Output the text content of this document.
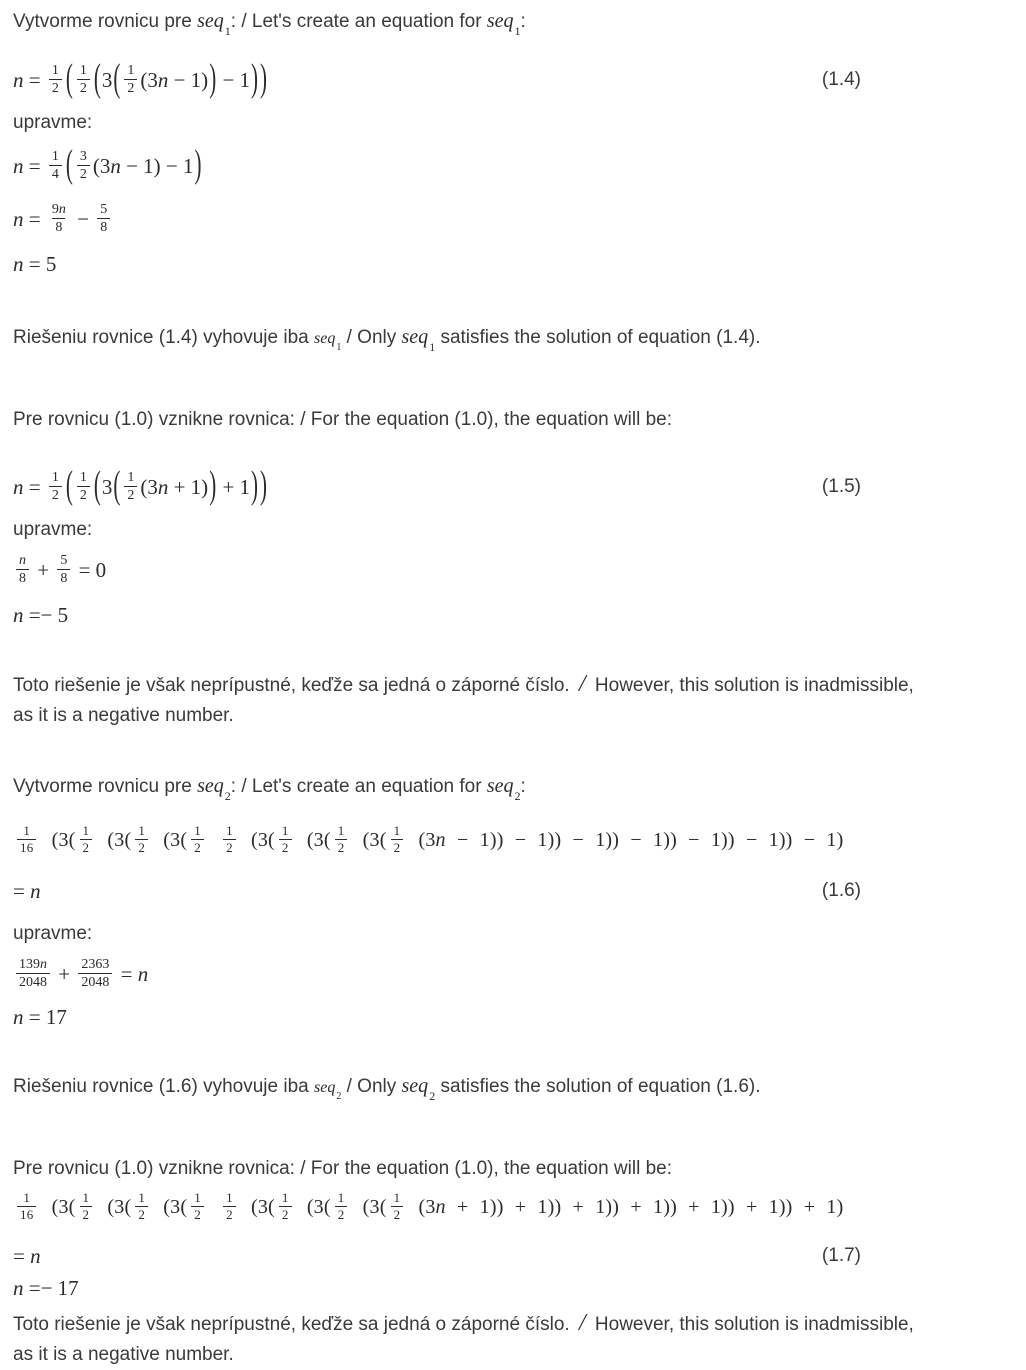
Vytvorme rovnicu pre seq$_1$: / Let's create an equation for seq$_1$:
$n = \frac{1}{2}$ ( 1
2 ( 3 ( 1
2 (3 n − 1) ) − 1 ) )	(1.4)
upravme:
$n = \frac{1}{4}$ ( 3
2 (3 n − 1) − 1 )
$n = \frac{9n}{8} - \frac{5}{8}$
n = 5
Riešeniu rovnice (1.4) vyhovuje iba seq$_1$ / Only seq$_1$ satisfies the solution of equation (1.4).
Pre rovnicu (1.0) vznikne rovnica: / For the equation (1.0), the equation will be:
$n = \frac{1}{2}$ ( 1
2 ( 3 ( 1
2 (3 n + 1) ) + 1 ) )	(1.5)
upravme:
n
$8 + \frac{5}{8} = 0$
n =− 5
Toto riešenie je však neprípustné, keďže sa jedná o záporné číslo. / However, this solution is inadmissible, as it is a negative number.
Vytvorme rovnicu pre seq$_2$: / Let's create an equation for seq$_2$:
1
16 (3( 1
2 (3( 1
2 (3( 1
2

1
2 (3( 1
2 (3( 1
2 (3( 1
2 (3 n − 1)) − 1)) − 1)) − 1)) − 1)) − 1)) − 1)
= n	(1.6)
upravme:
139n
$2048 + \frac{2363}{2048} = n$
n = 17
Riešeniu rovnice (1.6) vyhovuje iba seq$_2$ / Only seq$_2$ satisfies the solution of equation (1.6).
Pre rovnicu (1.0) vznikne rovnica: / For the equation (1.0), the equation will be:
1
16 (3( 1
2 (3( 1
2 (3( 1
2

1
2 (3( 1
2 (3( 1
2 (3( 1
2 (3 n + 1)) + 1)) + 1)) + 1)) + 1)) + 1)) + 1)
= n	(1.7)
n =− 17
Toto riešenie je však neprípustné, keďže sa jedná o záporné číslo. / However, this solution is inadmissible, as it is a negative number.
